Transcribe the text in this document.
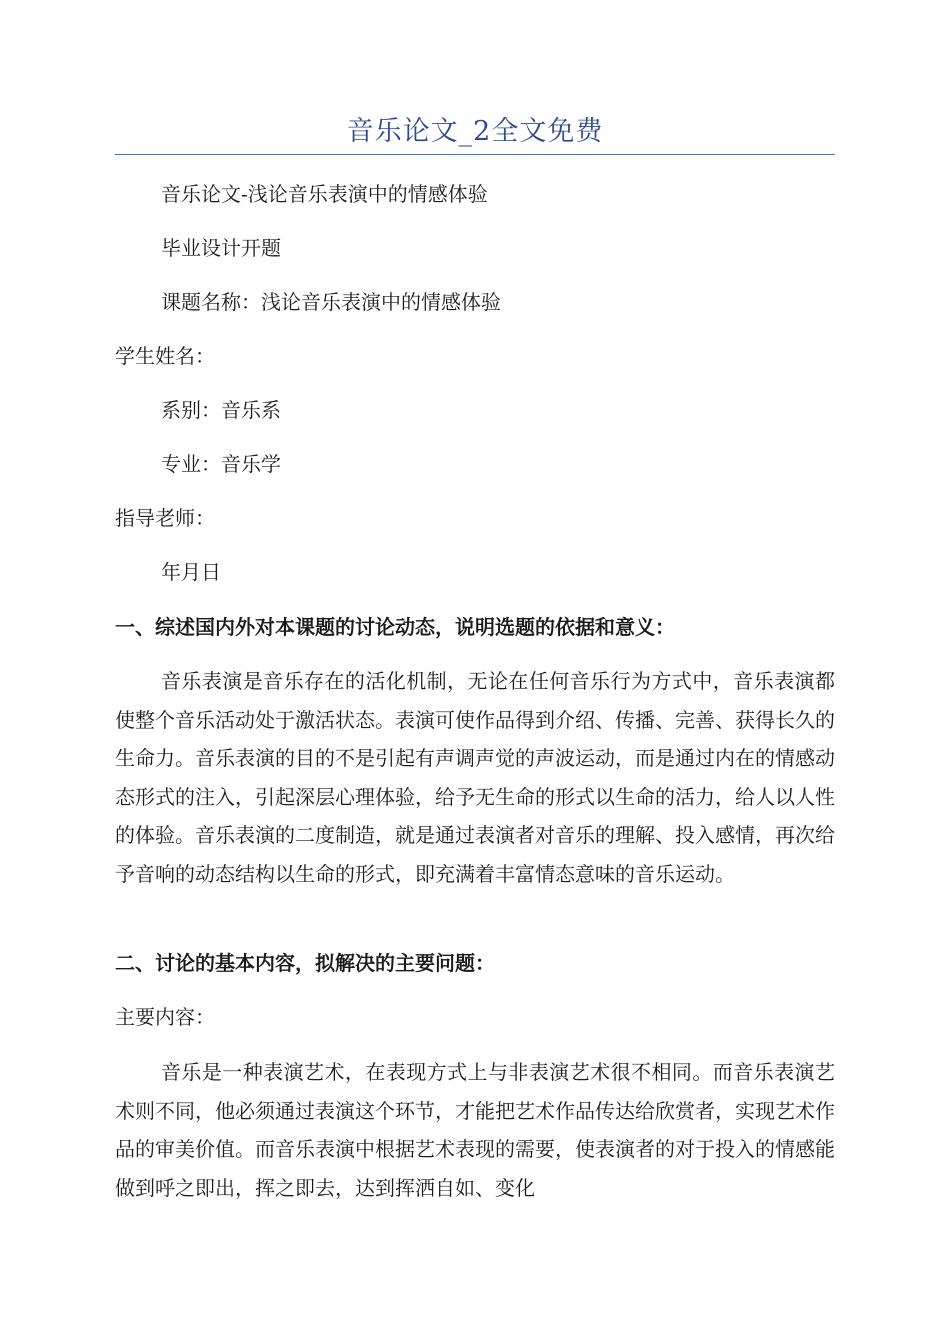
音乐论文_2全文免费

音乐论文-浅论音乐表演中的情感体验

毕业设计开题

课题名称：浅论音乐表演中的情感体验

学生姓名：

系别：音乐系

专业：音乐学

指导老师：

年月日

一、综述国内外对本课题的讨论动态，说明选题的依据和意义：

音乐表演是音乐存在的活化机制，无论在任何音乐行为方式中，音乐表演都使整个音乐活动处于激活状态。表演可使作品得到介绍、传播、完善、获得长久的生命力。音乐表演的目的不是引起有声调声觉的声波运动，而是通过内在的情感动态形式的注入，引起深层心理体验，给予无生命的形式以生命的活力，给人以人性的体验。音乐表演的二度制造，就是通过表演者对音乐的理解、投入感情，再次给予音响的动态结构以生命的形式，即充满着丰富情态意味的音乐运动。

二、讨论的基本内容，拟解决的主要问题：

主要内容：

音乐是一种表演艺术，在表现方式上与非表演艺术很不相同。而音乐表演艺术则不同，他必须通过表演这个环节，才能把艺术作品传达给欣赏者，实现艺术作品的审美价值。而音乐表演中根据艺术表现的需要，使表演者的对于投入的情感能做到呼之即出，挥之即去，达到挥洒自如、变化
